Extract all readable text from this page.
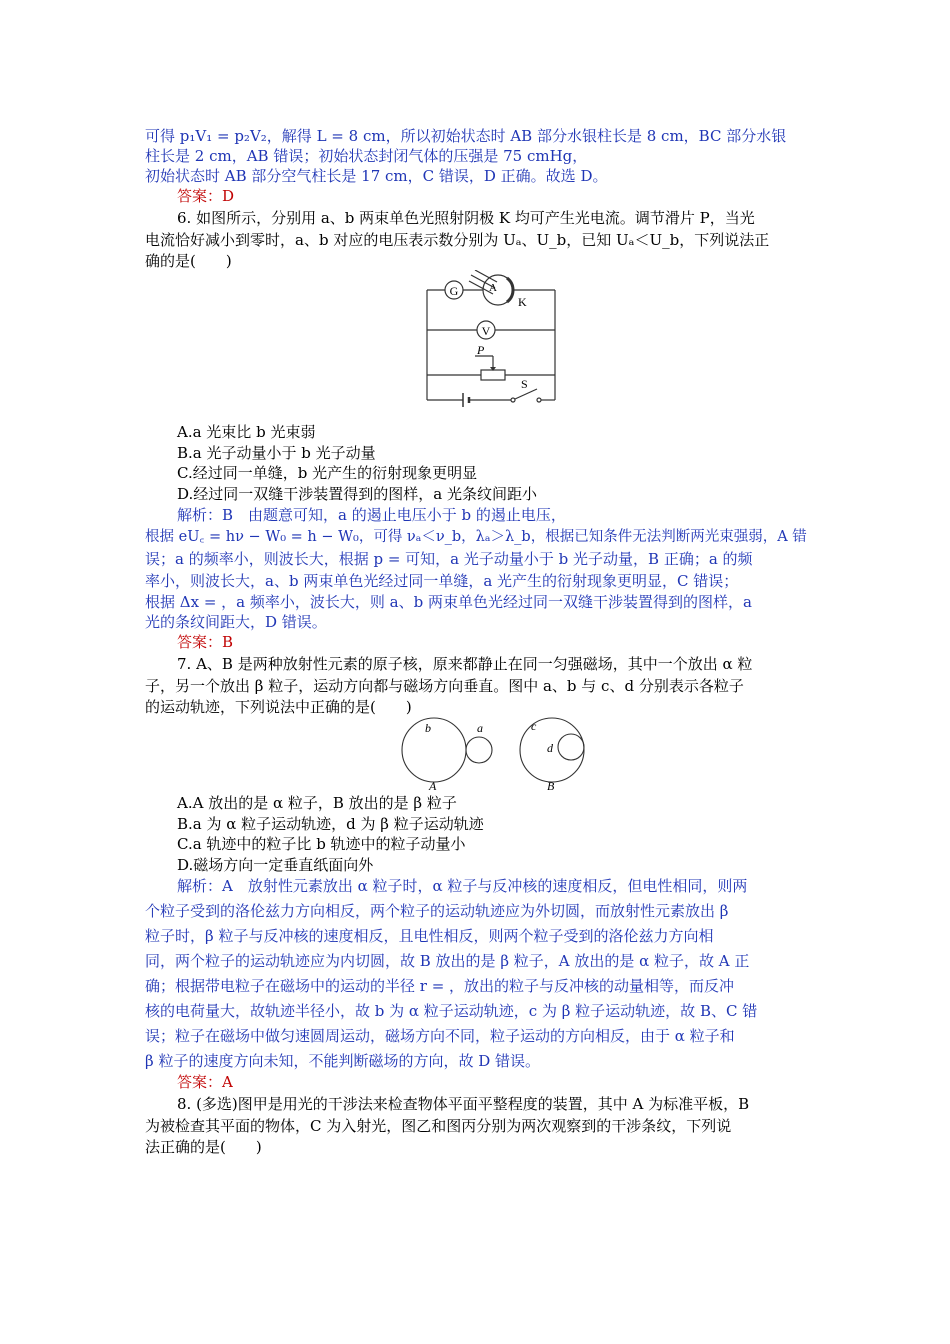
可得 p₁V₁ = p₂V₂，解得 L = 8 cm，所以初始状态时 AB 部分水银柱长是 8 cm，BC 部分水银
柱长是 2 cm，AB 错误；初始状态封闭气体的压强是 75 cmHg，
初始状态时 AB 部分空气柱长是 17 cm，C 错误，D 正确。故选 D。
答案：D
6. 如图所示，分别用 a、b 两束单色光照射阴极 K 均可产生光电流。调节滑片 P，当光
电流恰好减小到零时，a、b 对应的电压表示数分别为 Uₐ、U_b，已知 Uₐ＜U_b，下列说法正
确的是(　　)
G	A
K
V
P
S
A.a 光束比 b 光束弱
B.a 光子动量小于 b 光子动量
C.经过同一单缝，b 光产生的衍射现象更明显
D.经过同一双缝干涉装置得到的图样，a 光条纹间距小
解析：B　由题意可知，a 的遏止电压小于 b 的遏止电压，
根据 eU꜀ = hν − W₀ = h − W₀，可得 νₐ＜ν_b，λₐ＞λ_b，根据已知条件无法判断两光束强弱，A 错
误；a 的频率小，则波长大，根据 p = 可知，a 光子动量小于 b 光子动量，B 正确；a 的频
率小，则波长大，a、b 两束单色光经过同一单缝，a 光产生的衍射现象更明显，C 错误；
根据 Δx = ，a 频率小，波长大，则 a、b 两束单色光经过同一双缝干涉装置得到的图样，a
光的条纹间距大，D 错误。
答案：B
7. A、B 是两种放射性元素的原子核，原来都静止在同一匀强磁场，其中一个放出 α 粒
子，另一个放出 β 粒子，运动方向都与磁场方向垂直。图中 a、b 与 c、d 分别表示各粒子
的运动轨迹，下列说法中正确的是(　　)
b	a
A
c
d
B
A.A 放出的是 α 粒子，B 放出的是 β 粒子
B.a 为 α 粒子运动轨迹，d 为 β 粒子运动轨迹
C.a 轨迹中的粒子比 b 轨迹中的粒子动量小
D.磁场方向一定垂直纸面向外
解析：A　放射性元素放出 α 粒子时，α 粒子与反冲核的速度相反，但电性相同，则两
个粒子受到的洛伦兹力方向相反，两个粒子的运动轨迹应为外切圆，而放射性元素放出 β
粒子时，β 粒子与反冲核的速度相反，且电性相反，则两个粒子受到的洛伦兹力方向相
同，两个粒子的运动轨迹应为内切圆，故 B 放出的是 β 粒子，A 放出的是 α 粒子，故 A 正
确；根据带电粒子在磁场中的运动的半径 r = ，放出的粒子与反冲核的动量相等，而反冲
核的电荷量大，故轨迹半径小，故 b 为 α 粒子运动轨迹，c 为 β 粒子运动轨迹，故 B、C 错
误；粒子在磁场中做匀速圆周运动，磁场方向不同，粒子运动的方向相反，由于 α 粒子和
β 粒子的速度方向未知，不能判断磁场的方向，故 D 错误。
答案：A
8. (多选)图甲是用光的干涉法来检查物体平面平整程度的装置，其中 A 为标准平板，B
为被检查其平面的物体，C 为入射光，图乙和图丙分别为两次观察到的干涉条纹，下列说
法正确的是(　　)
